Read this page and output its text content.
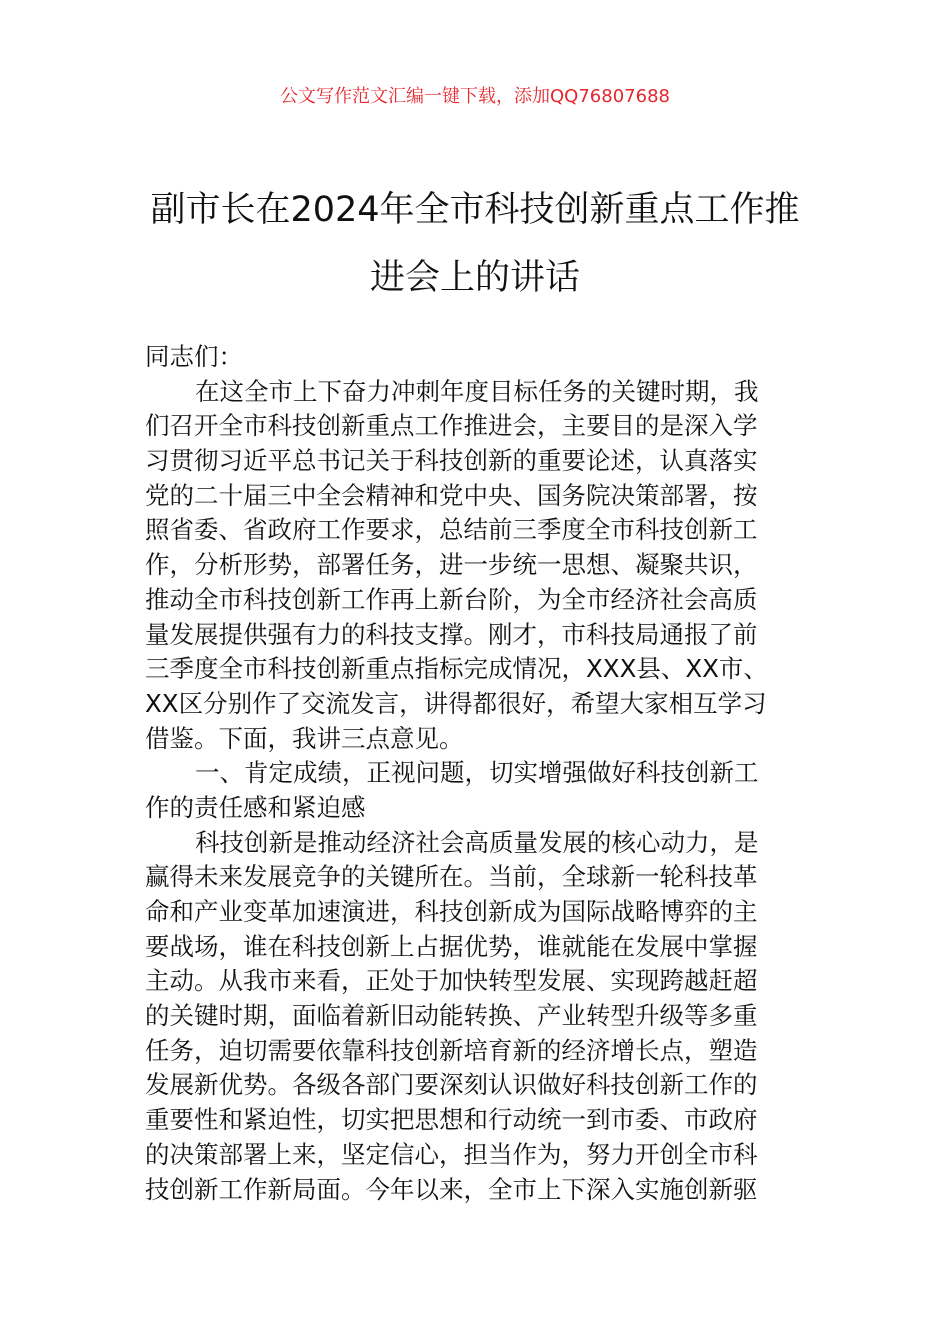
公文写作范文汇编一键下载，添加QQ76807688
副市长在2024年全市科技创新重点工作推
进会上的讲话
同志们：
在这全市上下奋力冲刺年度目标任务的关键时期，我
们召开全市科技创新重点工作推进会，主要目的是深入学
习贯彻习近平总书记关于科技创新的重要论述，认真落实
党的二十届三中全会精神和党中央、国务院决策部署，按
照省委、省政府工作要求，总结前三季度全市科技创新工
作，分析形势，部署任务，进一步统一思想、凝聚共识，
推动全市科技创新工作再上新台阶，为全市经济社会高质
量发展提供强有力的科技支撑。刚才，市科技局通报了前
三季度全市科技创新重点指标完成情况，XXX县、XX市、
XX区分别作了交流发言，讲得都很好，希望大家相互学习
借鉴。下面，我讲三点意见。
一、肯定成绩，正视问题，切实增强做好科技创新工
作的责任感和紧迫感
科技创新是推动经济社会高质量发展的核心动力，是
赢得未来发展竞争的关键所在。当前，全球新一轮科技革
命和产业变革加速演进，科技创新成为国际战略博弈的主
要战场，谁在科技创新上占据优势，谁就能在发展中掌握
主动。从我市来看，正处于加快转型发展、实现跨越赶超
的关键时期，面临着新旧动能转换、产业转型升级等多重
任务，迫切需要依靠科技创新培育新的经济增长点，塑造
发展新优势。各级各部门要深刻认识做好科技创新工作的
重要性和紧迫性，切实把思想和行动统一到市委、市政府
的决策部署上来，坚定信心，担当作为，努力开创全市科
技创新工作新局面。今年以来，全市上下深入实施创新驱
